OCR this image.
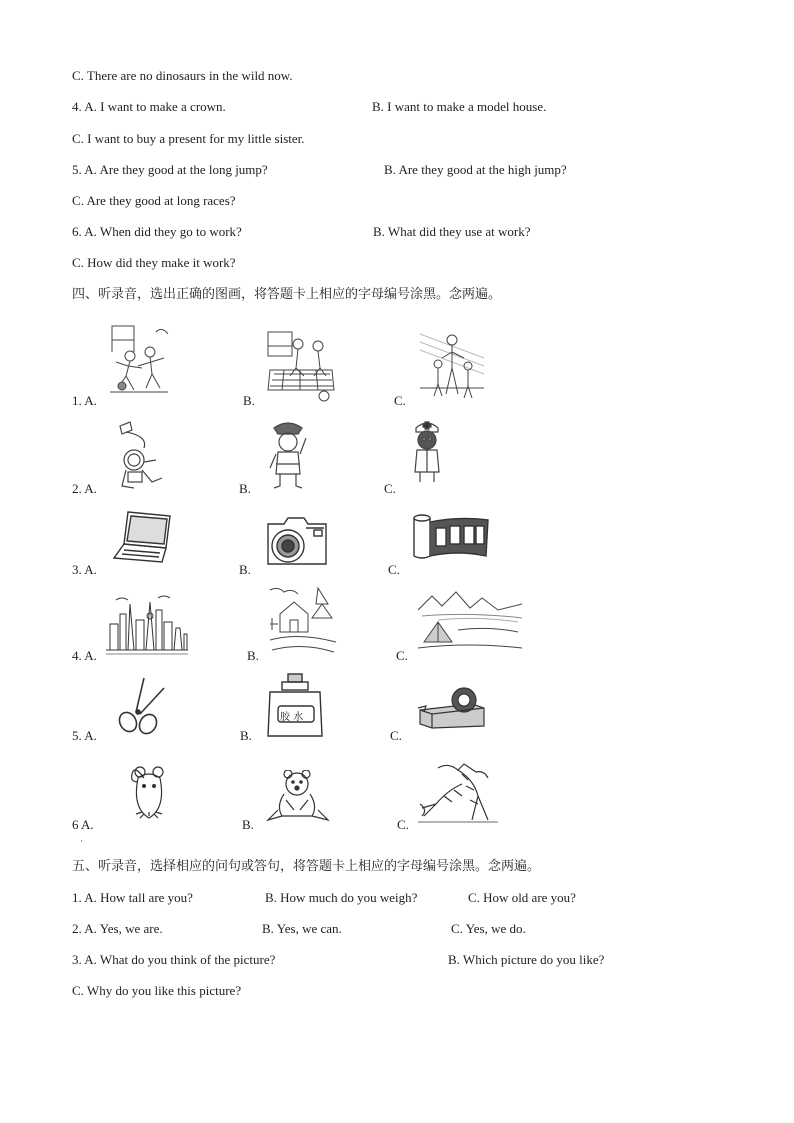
C. There are no dinosaurs in the wild now.
4. A. I want to make a crown.	B. I want to make a model house.
C. I want to buy a present for my little sister.
5. A. Are they good at the long jump?	B. Are they good at the high jump?
C. Are they good at long races?
6. A. When did they go to work?	B. What did they use at work?
C. How did they make it work?
四、听录音，选出正确的图画，将答题卡上相应的字母编号涂黑。念两遍。
1. A.	B.	C.
2. A.	B.	C.
3. A.	B.	C.
4. A.	B.	C.
5. A.	B.	C.
胶 水
6 A.	B.	C.
·
五、听录音，选择相应的问句或答句，将答题卡上相应的字母编号涂黑。念两遍。
1. A. How tall are you?	B. How much do you weigh?	C. How old are you?
2. A. Yes, we are.	B. Yes, we can.	C. Yes, we do.
3. A. What do you think of the picture?	B. Which picture do you like?
C. Why do you like this picture?
